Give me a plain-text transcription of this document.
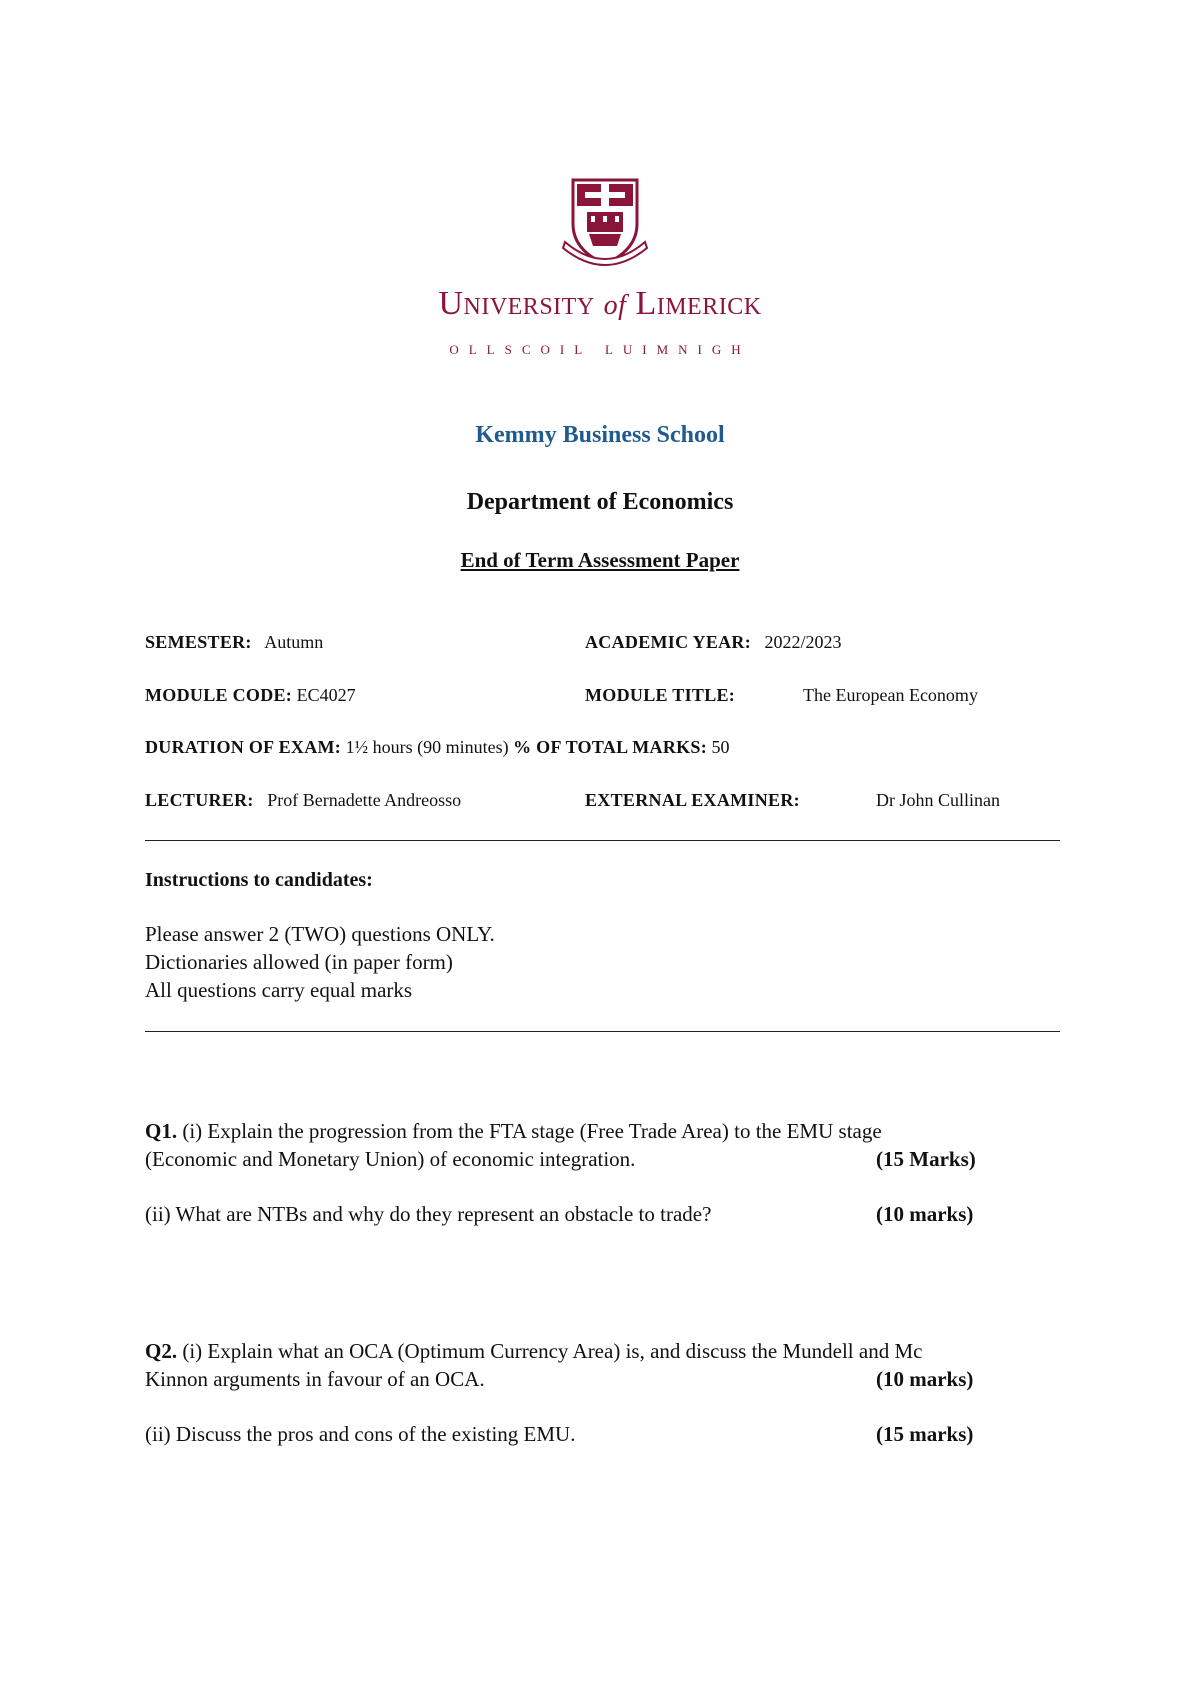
University of Limerick
OLLSCOIL LUIMNIGH
Kemmy Business School
Department of Economics
End of Term Assessment Paper
SEMESTER: Autumn	ACADEMIC YEAR: 2022/2023
MODULE CODE: EC4027	MODULE TITLE:	The European Economy
DURATION OF EXAM: 1½ hours (90 minutes) % OF TOTAL MARKS: 50
LECTURER: Prof Bernadette Andreosso	EXTERNAL EXAMINER:	Dr John Cullinan
Instructions to candidates:
Please answer 2 (TWO) questions ONLY.
Dictionaries allowed (in paper form)
All questions carry equal marks
Q1. (i) Explain the progression from the FTA stage (Free Trade Area) to the EMU stage
(Economic and Monetary Union) of economic integration.	(15 Marks)
(ii) What are NTBs and why do they represent an obstacle to trade?	(10 marks)
Q2. (i) Explain what an OCA (Optimum Currency Area) is, and discuss the Mundell and Mc
Kinnon arguments in favour of an OCA.	(10 marks)
(ii) Discuss the pros and cons of the existing EMU.	(15 marks)
